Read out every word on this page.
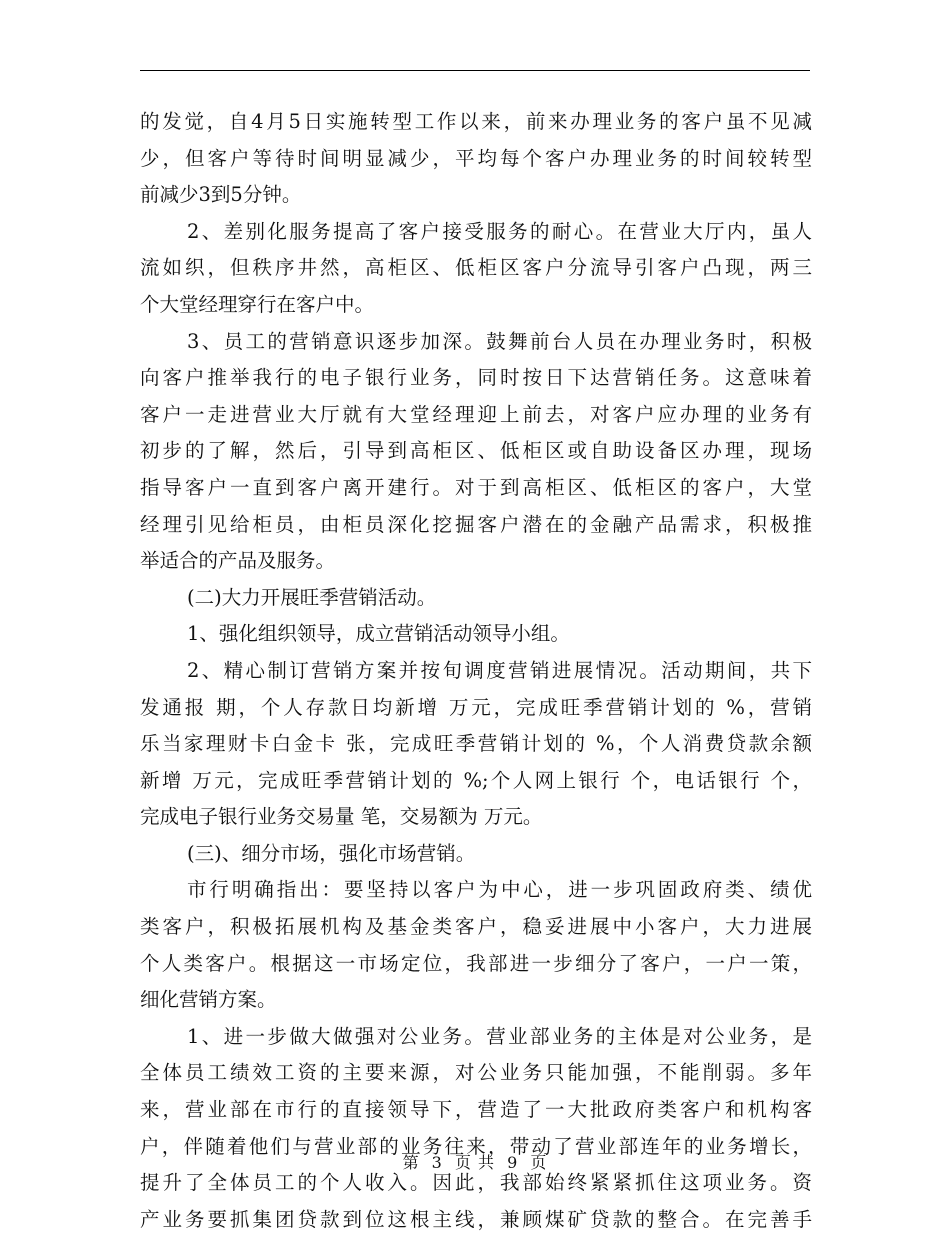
的发觉，自4月5日实施转型工作以来，前来办理业务的客户虽不见减
少，但客户等待时间明显减少，平均每个客户办理业务的时间较转型
前减少3到5分钟。
2、差别化服务提高了客户接受服务的耐心。在营业大厅内，虽人
流如织，但秩序井然，高柜区、低柜区客户分流导引客户凸现，两三
个大堂经理穿行在客户中。
3、员工的营销意识逐步加深。鼓舞前台人员在办理业务时，积极
向客户推举我行的电子银行业务，同时按日下达营销任务。这意味着
客户一走进营业大厅就有大堂经理迎上前去，对客户应办理的业务有
初步的了解，然后，引导到高柜区、低柜区或自助设备区办理，现场
指导客户一直到客户离开建行。对于到高柜区、低柜区的客户，大堂
经理引见给柜员，由柜员深化挖掘客户潜在的金融产品需求，积极推
举适合的产品及服务。
(二)大力开展旺季营销活动。
1、强化组织领导，成立营销活动领导小组。
2、精心制订营销方案并按旬调度营销进展情况。活动期间，共下
发通报 期，个人存款日均新增 万元，完成旺季营销计划的 %，营销
乐当家理财卡白金卡 张，完成旺季营销计划的 %，个人消费贷款余额
新增 万元，完成旺季营销计划的 %;个人网上银行 个，电话银行 个，
完成电子银行业务交易量 笔，交易额为 万元。
(三)、细分市场，强化市场营销。
市行明确指出：要坚持以客户为中心，进一步巩固政府类、绩优
类客户，积极拓展机构及基金类客户，稳妥进展中小客户，大力进展
个人类客户。根据这一市场定位，我部进一步细分了客户，一户一策，
细化营销方案。
1、进一步做大做强对公业务。营业部业务的主体是对公业务，是
全体员工绩效工资的主要来源，对公业务只能加强，不能削弱。多年
来，营业部在市行的直接领导下，营造了一大批政府类客户和机构客
户，伴随着他们与营业部的业务往来，带动了营业部连年的业务增长，
提升了全体员工的个人收入。因此，我部始终紧紧抓住这项业务。资
产业务要抓集团贷款到位这根主线，兼顾煤矿贷款的整合。在完善手
第 3 页 共 9 页
